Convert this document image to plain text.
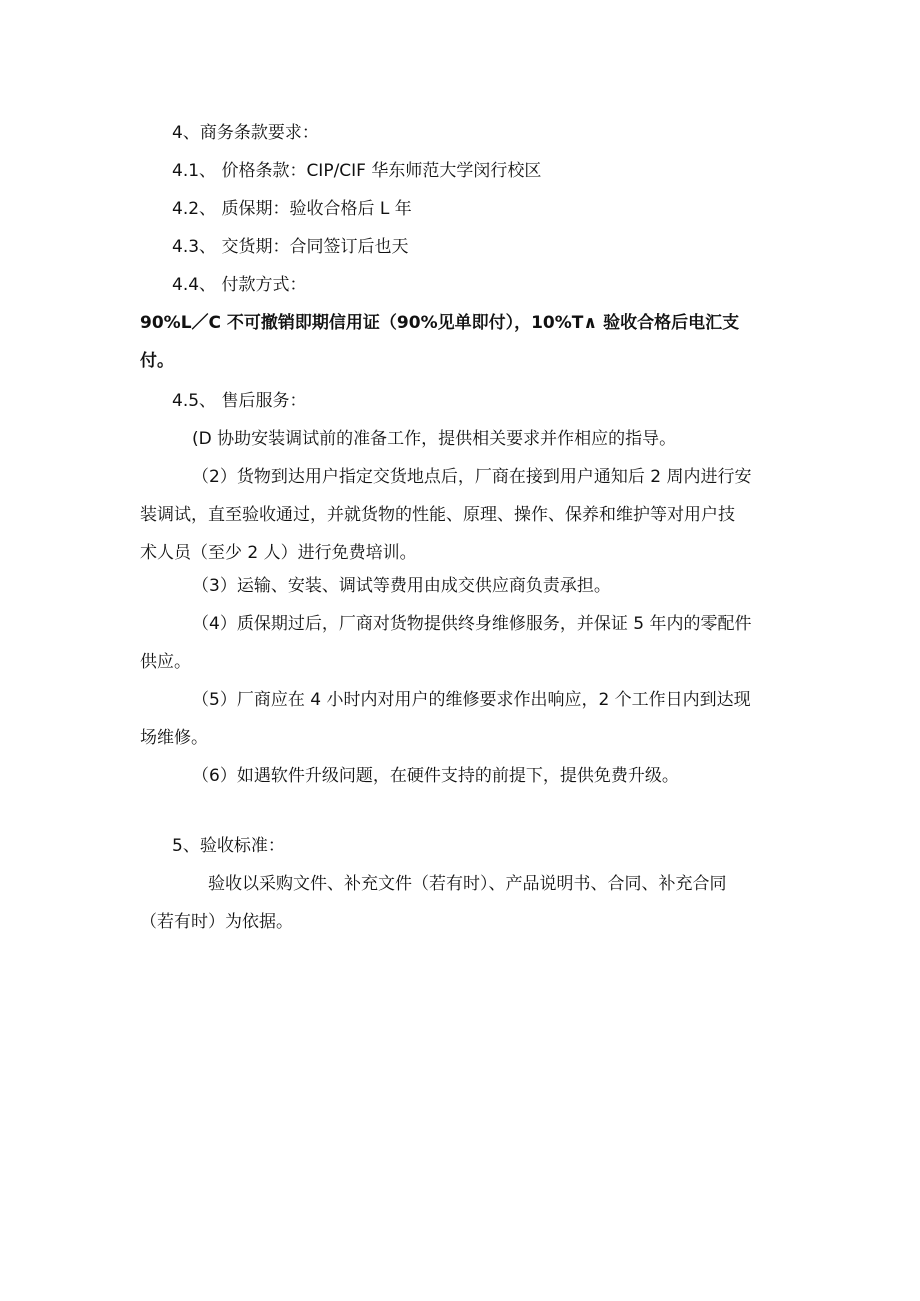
4、商务条款要求：
4.1、 价格条款：CIP/CIF 华东师范大学闵行校区
4.2、 质保期：验收合格后 L 年
4.3、 交货期：合同签订后也天
4.4、 付款方式：
90%L／C 不可撤销即期信用证（90%见单即付），10%T∧ 验收合格后电汇支
付。
4.5、 售后服务：
(D 协助安装调试前的准备工作，提供相关要求并作相应的指导。
（2）货物到达用户指定交货地点后，厂商在接到用户通知后 2 周内进行安
装调试，直至验收通过，并就货物的性能、原理、操作、保养和维护等对用户技
术人员（至少 2 人）进行免费培训。
（3）运输、安装、调试等费用由成交供应商负责承担。
（4）质保期过后，厂商对货物提供终身维修服务，并保证 5 年内的零配件
供应。
（5）厂商应在 4 小时内对用户的维修要求作出响应，2 个工作日内到达现
场维修。
（6）如遇软件升级问题，在硬件支持的前提下，提供免费升级。
5、验收标准：
验收以采购文件、补充文件（若有时）、产品说明书、合同、补充合同
（若有时）为依据。
